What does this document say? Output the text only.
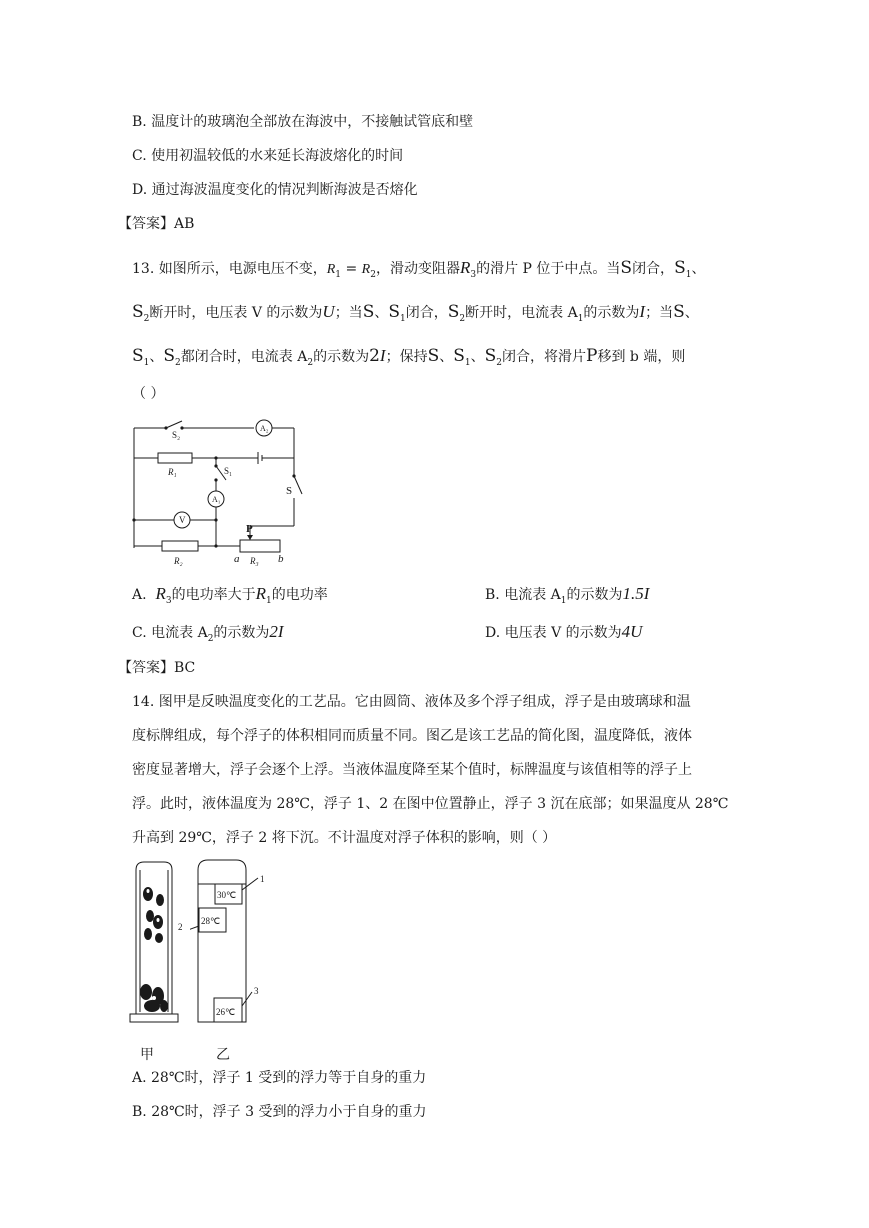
B. 温度计的玻璃泡全部放在海波中，不接触试管底和壁
C. 使用初温较低的水来延长海波熔化的时间
D. 通过海波温度变化的情况判断海波是否熔化
【答案】AB
13. 如图所示，电源电压不变，$R_1 = R_2$，滑动变阻器$R_3$的滑片 P 位于中点。当S闭合，$S_1$、
$S_2$断开时，电压表 V 的示数为U；当S、$S_1$闭合，$S_2$断开时，电流表 $A_1$的示数为I；当S、
$S_1$、$S_2$都闭合时，电流表 $A_2$的示数为2I；保持S、$S_1$、$S_2$闭合，将滑片P移到 b 端，则
（ ）
S₂
A₂
R₁	S₁
A₁
S
V
R₂
P
a R₃ b
A. $R_3$的电功率大于$R_1$的电功率	B. 电流表 $A_1$的示数为1.5I
C. 电流表 $A_2$的示数为2I	D. 电压表 V 的示数为4U
【答案】BC
14. 图甲是反映温度变化的工艺品。它由圆筒、液体及多个浮子组成，浮子是由玻璃球和温
度标牌组成，每个浮子的体积相同而质量不同。图乙是该工艺品的简化图，温度降低，液体
密度显著增大，浮子会逐个上浮。当液体温度降至某个值时，标牌温度与该值相等的浮子上
浮。此时，液体温度为 28℃，浮子 1、2 在图中位置静止，浮子 3 沉在底部；如果温度从 28℃
升高到 29℃，浮子 2 将下沉。不计温度对浮子体积的影响，则（ ）
30℃
28℃
26℃
1
3
2
甲	乙
A. 28℃时，浮子 1 受到的浮力等于自身的重力
B. 28℃时，浮子 3 受到的浮力小于自身的重力
